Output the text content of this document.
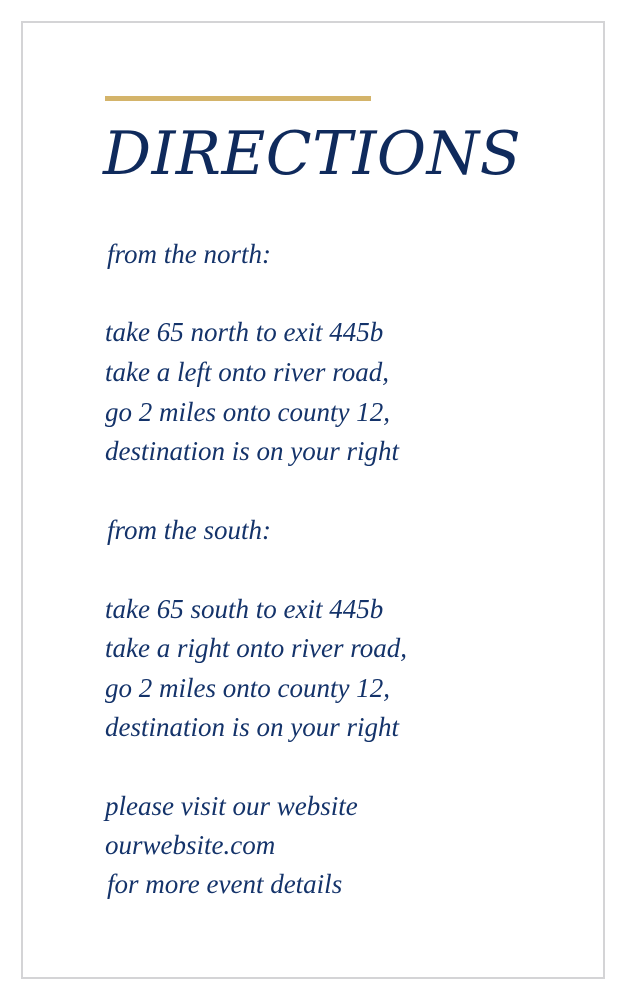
DIRECTIONS

from the north:

take 65 north to exit 445b

take a left onto river road,

go 2 miles onto county 12,

destination is on your right

from the south:

take 65 south to exit 445b

take a right onto river road,

go 2 miles onto county 12,

destination is on your right

please visit our website

ourwebsite.com

for more event details
